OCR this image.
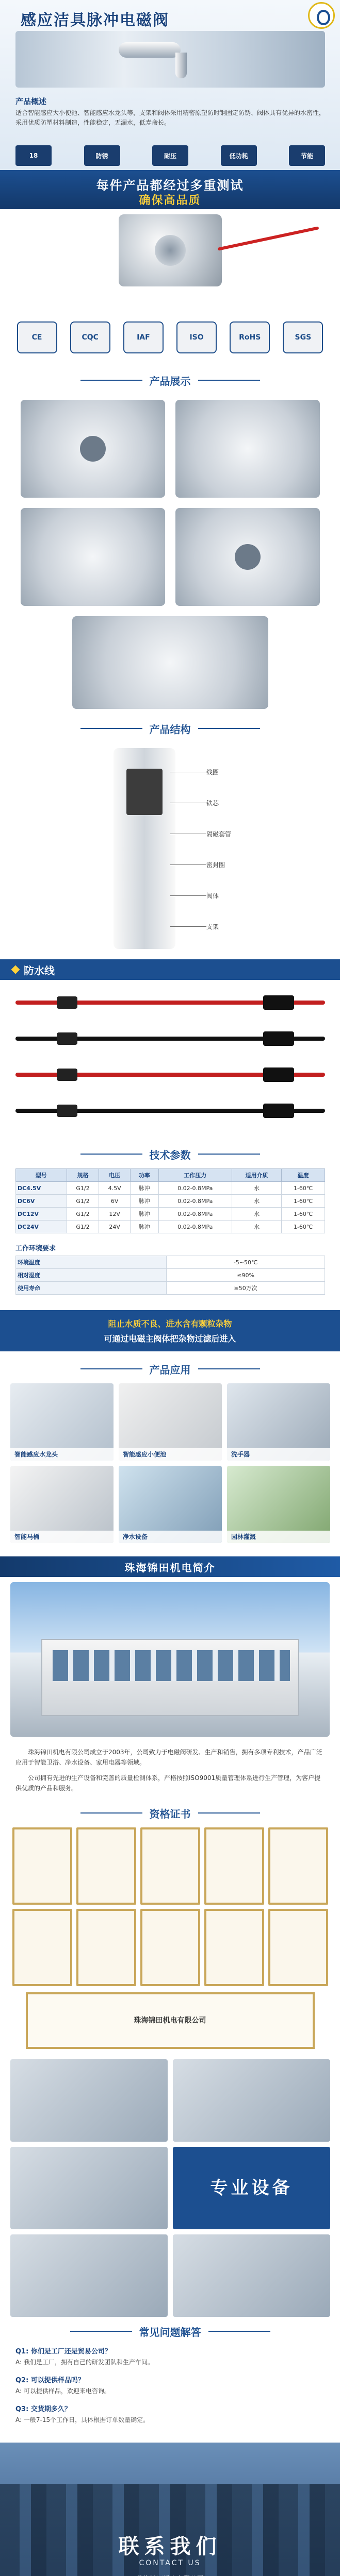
感应洁具脉冲电磁阀
产品概述
适合智能感应大小便池、智能感应水龙头等，支架和阀体采用精密原塑防时钢固定防锈、阀体具有优异的水密性，采用优质防塑材料制造，性能稳定，无漏水，低寿命长。
18	防锈	耐压	低功耗	节能
每件产品都经过多重测试
确保高品质
CE	CQC	IAF	ISO	RoHS	SGS
产品展示
产品结构
线圈
铁芯
隔磁套管
密封圈
阀体
支架
防水线
技术参数
型号	规格	电压	功率	工作压力	适用介质	温度
DC4.5V	G1/2	4.5V	脉冲	0.02-0.8MPa	水	1-60℃
DC6V	G1/2	6V	脉冲	0.02-0.8MPa	水	1-60℃
DC12V	G1/2	12V	脉冲	0.02-0.8MPa	水	1-60℃
DC24V	G1/2	24V	脉冲	0.02-0.8MPa	水	1-60℃
工作环境要求
环境温度	-5~50℃
相对湿度	≤90%
使用寿命	≥50万次
阻止水质不良、进水含有颗粒杂物
可通过电磁主阀体把杂物过滤后进入
产品应用
智能感应水龙头	智能感应小便池	洗手器
智能马桶	净水设备	园林灌溉
珠海锦田机电简介

珠海锦田机电有限公司成立于2003年，公司致力于电磁阀研发、生产和销售，拥有多项专利技术，产品广泛应用于智能卫浴、净水设备、家用电器等领域。

公司拥有先进的生产设备和完善的质量检测体系，严格按照ISO9001质量管理体系进行生产管理，为客户提供优质的产品和服务。

资格证书
珠海锦田机电有限公司
专业设备
常见问题解答
Q1: 你们是工厂还是贸易公司？
A: 我们是工厂，拥有自己的研发团队和生产车间。
Q2: 可以提供样品吗？
A: 可以提供样品，欢迎来电咨询。
Q3: 交货期多久？
A: 一般7-15个工作日，具体根据订单数量确定。
联系我们
CONTACT US
